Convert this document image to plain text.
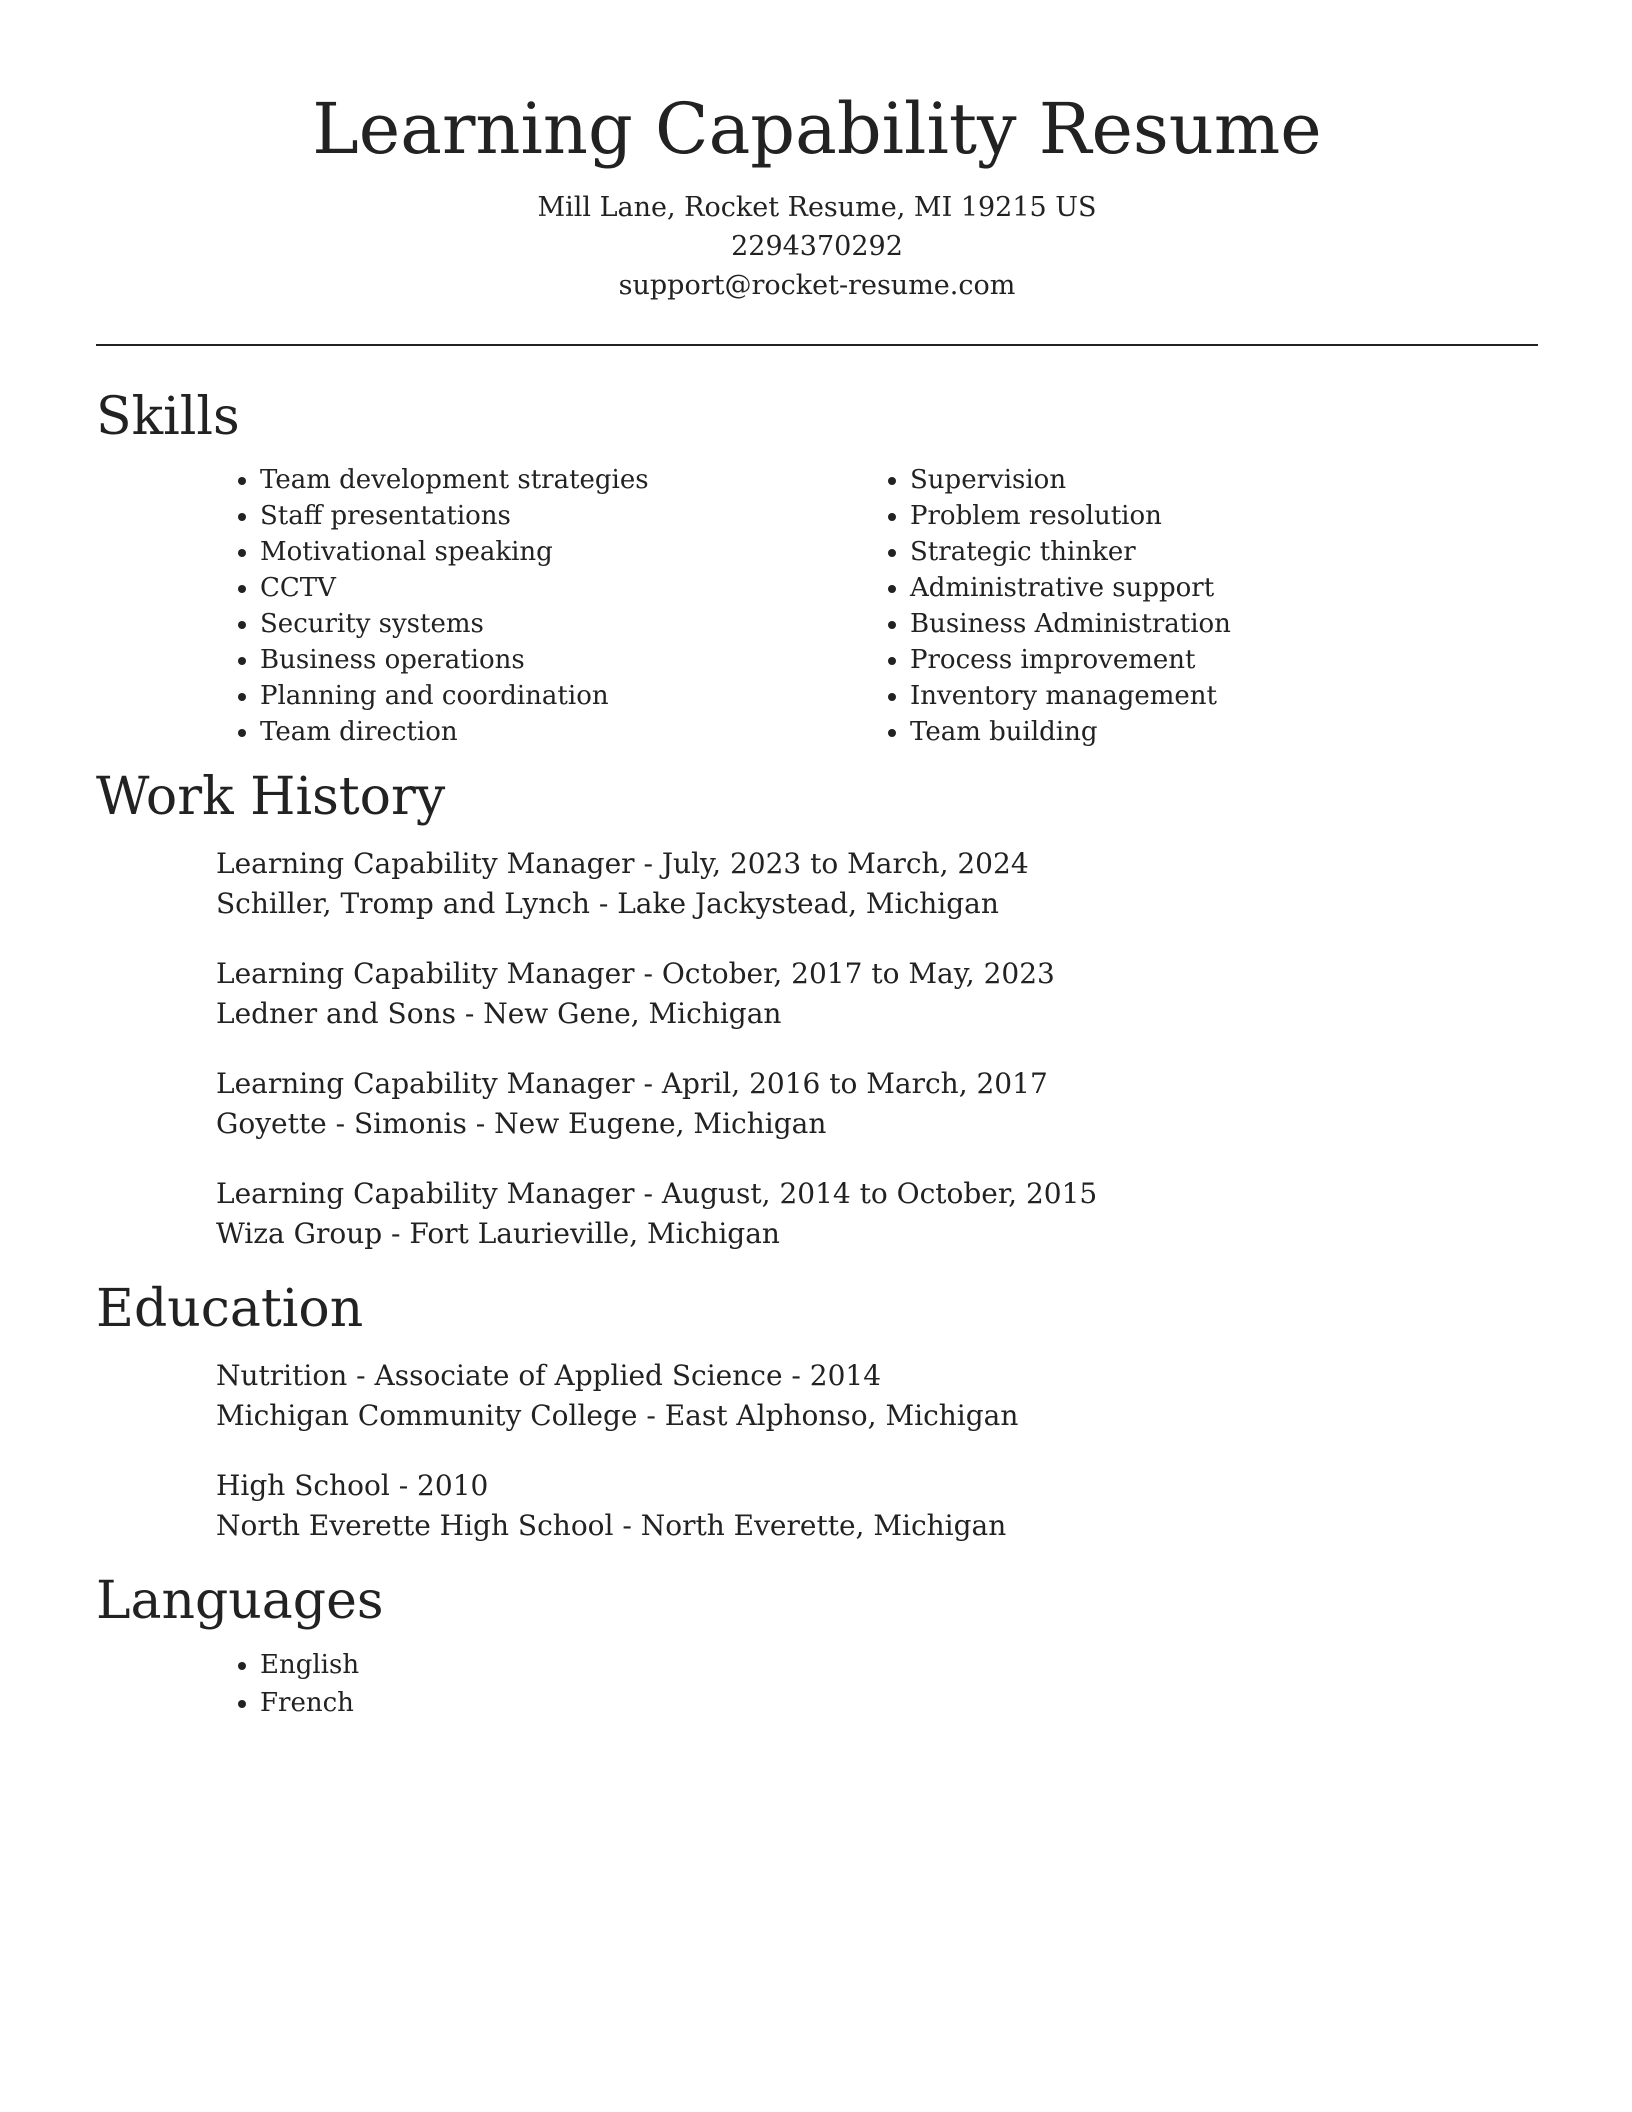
Learning Capability Resume
Mill Lane, Rocket Resume, MI 19215 US
2294370292
support@rocket-resume.com
Skills
• Team development strategies
• Staff presentations
• Motivational speaking
• CCTV
• Security systems
• Business operations
• Planning and coordination
• Team direction
• Supervision
• Problem resolution
• Strategic thinker
• Administrative support
• Business Administration
• Process improvement
• Inventory management
• Team building
Work History
Learning Capability Manager - July, 2023 to March, 2024
Schiller, Tromp and Lynch - Lake Jackystead, Michigan
Learning Capability Manager - October, 2017 to May, 2023
Ledner and Sons - New Gene, Michigan
Learning Capability Manager - April, 2016 to March, 2017
Goyette - Simonis - New Eugene, Michigan
Learning Capability Manager - August, 2014 to October, 2015
Wiza Group - Fort Laurieville, Michigan
Education
Nutrition - Associate of Applied Science - 2014
Michigan Community College - East Alphonso, Michigan
High School - 2010
North Everette High School - North Everette, Michigan
Languages
• English
• French
